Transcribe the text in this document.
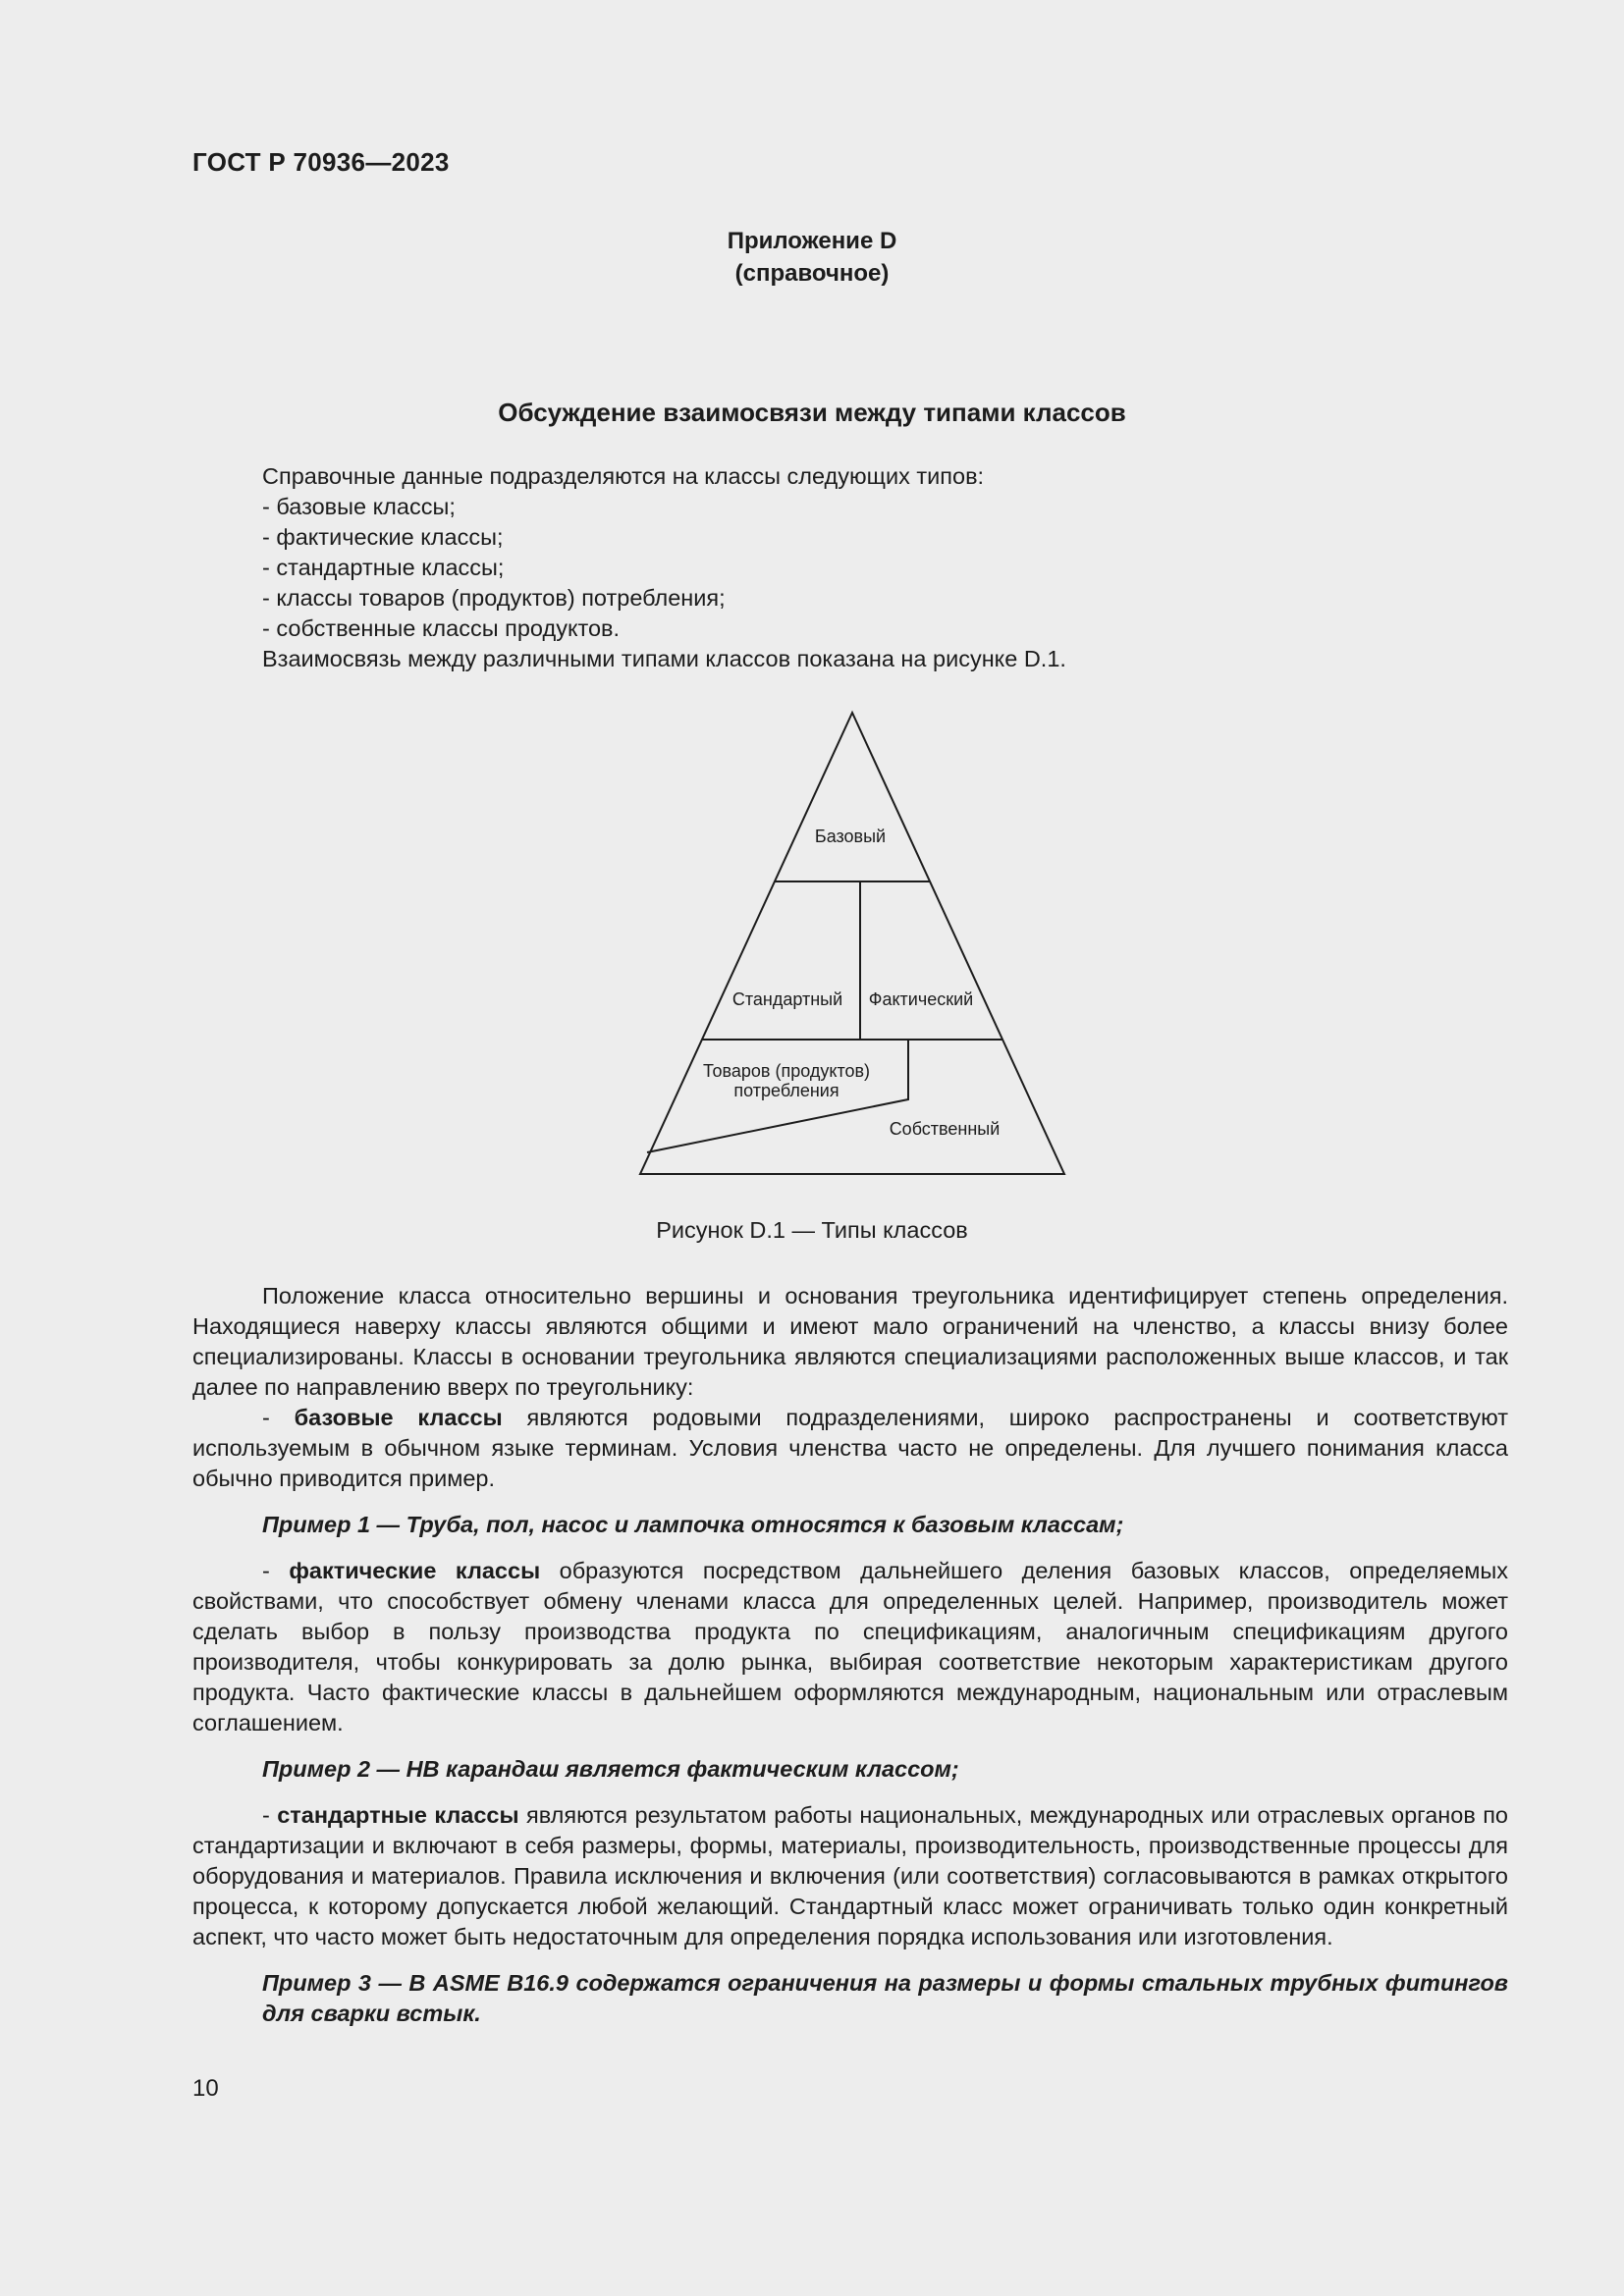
ГОСТ Р 70936—2023
Приложение D
(справочное)
Обсуждение взаимосвязи между типами классов
Справочные данные подразделяются на классы следующих типов:
- базовые классы;
- фактические классы;
- стандартные классы;
- классы товаров (продуктов) потребления;
- собственные классы продуктов.
Взаимосвязь между различными типами классов показана на рисунке D.1.
Базовый
Стандартный Фактический
Товаров (продуктов)
потребления
Собственный
Рисунок D.1 — Типы классов

Положение класса относительно вершины и основания треугольника идентифицирует степень определения. Находящиеся наверху классы являются общими и имеют мало ограничений на членство, а классы внизу более специализированы. Классы в основании треугольника являются специализациями расположенных выше классов, и так далее по направлению вверх по треугольнику:

- базовые классы являются родовыми подразделениями, широко распространены и соответствуют используемым в обычном языке терминам. Условия членства часто не определены. Для лучшего понимания класса обычно приводится пример.

Пример 1 — Труба, пол, насос и лампочка относятся к базовым классам;

- фактические классы образуются посредством дальнейшего деления базовых классов, определяемых свойствами, что способствует обмену членами класса для определенных целей. Например, производитель может сделать выбор в пользу производства продукта по спецификациям, аналогичным спецификациям другого производителя, чтобы конкурировать за долю рынка, выбирая соответствие некоторым характеристикам другого продукта. Часто фактические классы в дальнейшем оформляются международным, национальным или отраслевым соглашением.

Пример 2 — HB карандаш является фактическим классом;

- стандартные классы являются результатом работы национальных, международных или отраслевых органов по стандартизации и включают в себя размеры, формы, материалы, производительность, производственные процессы для оборудования и материалов. Правила исключения и включения (или соответствия) согласовываются в рамках открытого процесса, к которому допускается любой желающий. Стандартный класс может ограничивать только один конкретный аспект, что часто может быть недостаточным для определения порядка использования или изготовления.

Пример 3 — В ASME B16.9 содержатся ограничения на размеры и формы стальных трубных фитингов для сварки встык.

10
